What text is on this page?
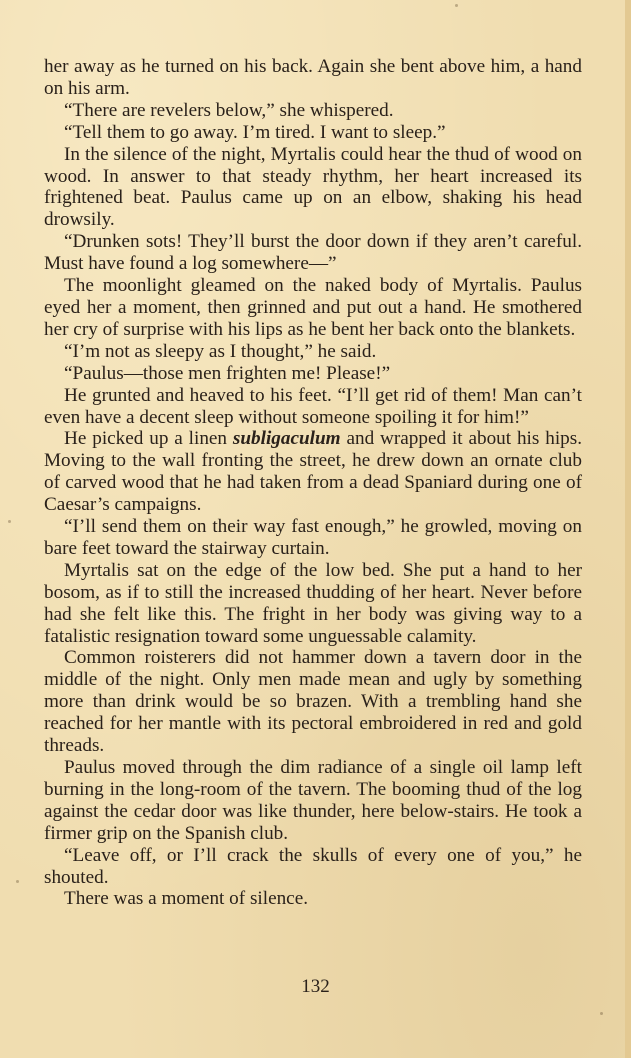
her away as he turned on his back. Again she bent above him, a hand on his arm.

“There are revelers below,” she whispered.

“Tell them to go away. I’m tired. I want to sleep.”

In the silence of the night, Myrtalis could hear the thud of wood on wood. In answer to that steady rhythm, her heart increased its frightened beat. Paulus came up on an elbow, shaking his head drowsily.

“Drunken sots! They’ll burst the door down if they aren’t careful. Must have found a log somewhere—”

The moonlight gleamed on the naked body of Myrtalis. Paulus eyed her a moment, then grinned and put out a hand. He smothered her cry of surprise with his lips as he bent her back onto the blankets.

“I’m not as sleepy as I thought,” he said.

“Paulus—those men frighten me! Please!”

He grunted and heaved to his feet. “I’ll get rid of them! Man can’t even have a decent sleep without someone spoiling it for him!”

He picked up a linen subligaculum and wrapped it about his hips. Moving to the wall fronting the street, he drew down an ornate club of carved wood that he had taken from a dead Spaniard during one of Caesar’s campaigns.

“I’ll send them on their way fast enough,” he growled, moving on bare feet toward the stairway curtain.

Myrtalis sat on the edge of the low bed. She put a hand to her bosom, as if to still the increased thudding of her heart. Never before had she felt like this. The fright in her body was giving way to a fatalistic resignation toward some unguessable calamity.

Common roisterers did not hammer down a tavern door in the middle of the night. Only men made mean and ugly by something more than drink would be so brazen. With a trembling hand she reached for her mantle with its pectoral embroidered in red and gold threads.

Paulus moved through the dim radiance of a single oil lamp left burning in the long-room of the tavern. The booming thud of the log against the cedar door was like thunder, here below-stairs. He took a firmer grip on the Spanish club.

“Leave off, or I’ll crack the skulls of every one of you,” he shouted.

There was a moment of silence.

132
